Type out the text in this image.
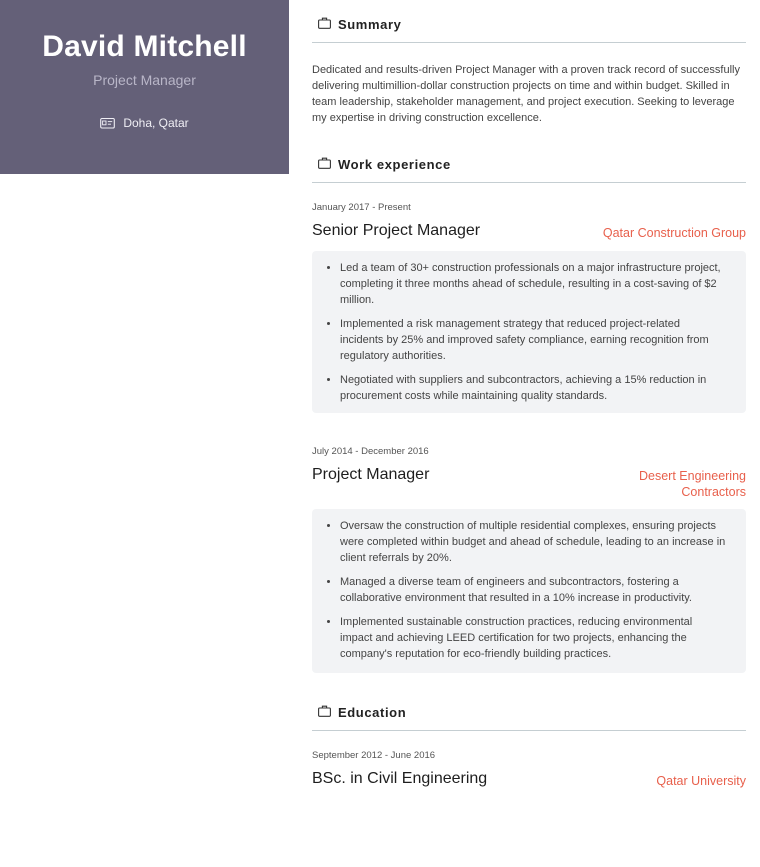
David Mitchell
Project Manager
Doha, Qatar
Summary
Dedicated and results-driven Project Manager with a proven track record of successfully delivering multimillion-dollar construction projects on time and within budget. Skilled in team leadership, stakeholder management, and project execution. Seeking to leverage my expertise in driving construction excellence.
Work experience
January 2017 - Present
Senior Project Manager	Qatar Construction Group
• Led a team of 30+ construction professionals on a major infrastructure project, completing it three months ahead of schedule, resulting in a cost-saving of $2 million.
• Implemented a risk management strategy that reduced project-related incidents by 25% and improved safety compliance, earning recognition from regulatory authorities.
• Negotiated with suppliers and subcontractors, achieving a 15% reduction in procurement costs while maintaining quality standards.
July 2014 - December 2016
Project Manager	Desert Engineering
Contractors
• Oversaw the construction of multiple residential complexes, ensuring projects were completed within budget and ahead of schedule, leading to an increase in client referrals by 20%.
• Managed a diverse team of engineers and subcontractors, fostering a collaborative environment that resulted in a 10% increase in productivity.
• Implemented sustainable construction practices, reducing environmental impact and achieving LEED certification for two projects, enhancing the company's reputation for eco-friendly building practices.
Education
September 2012 - June 2016
BSc. in Civil Engineering	Qatar University
